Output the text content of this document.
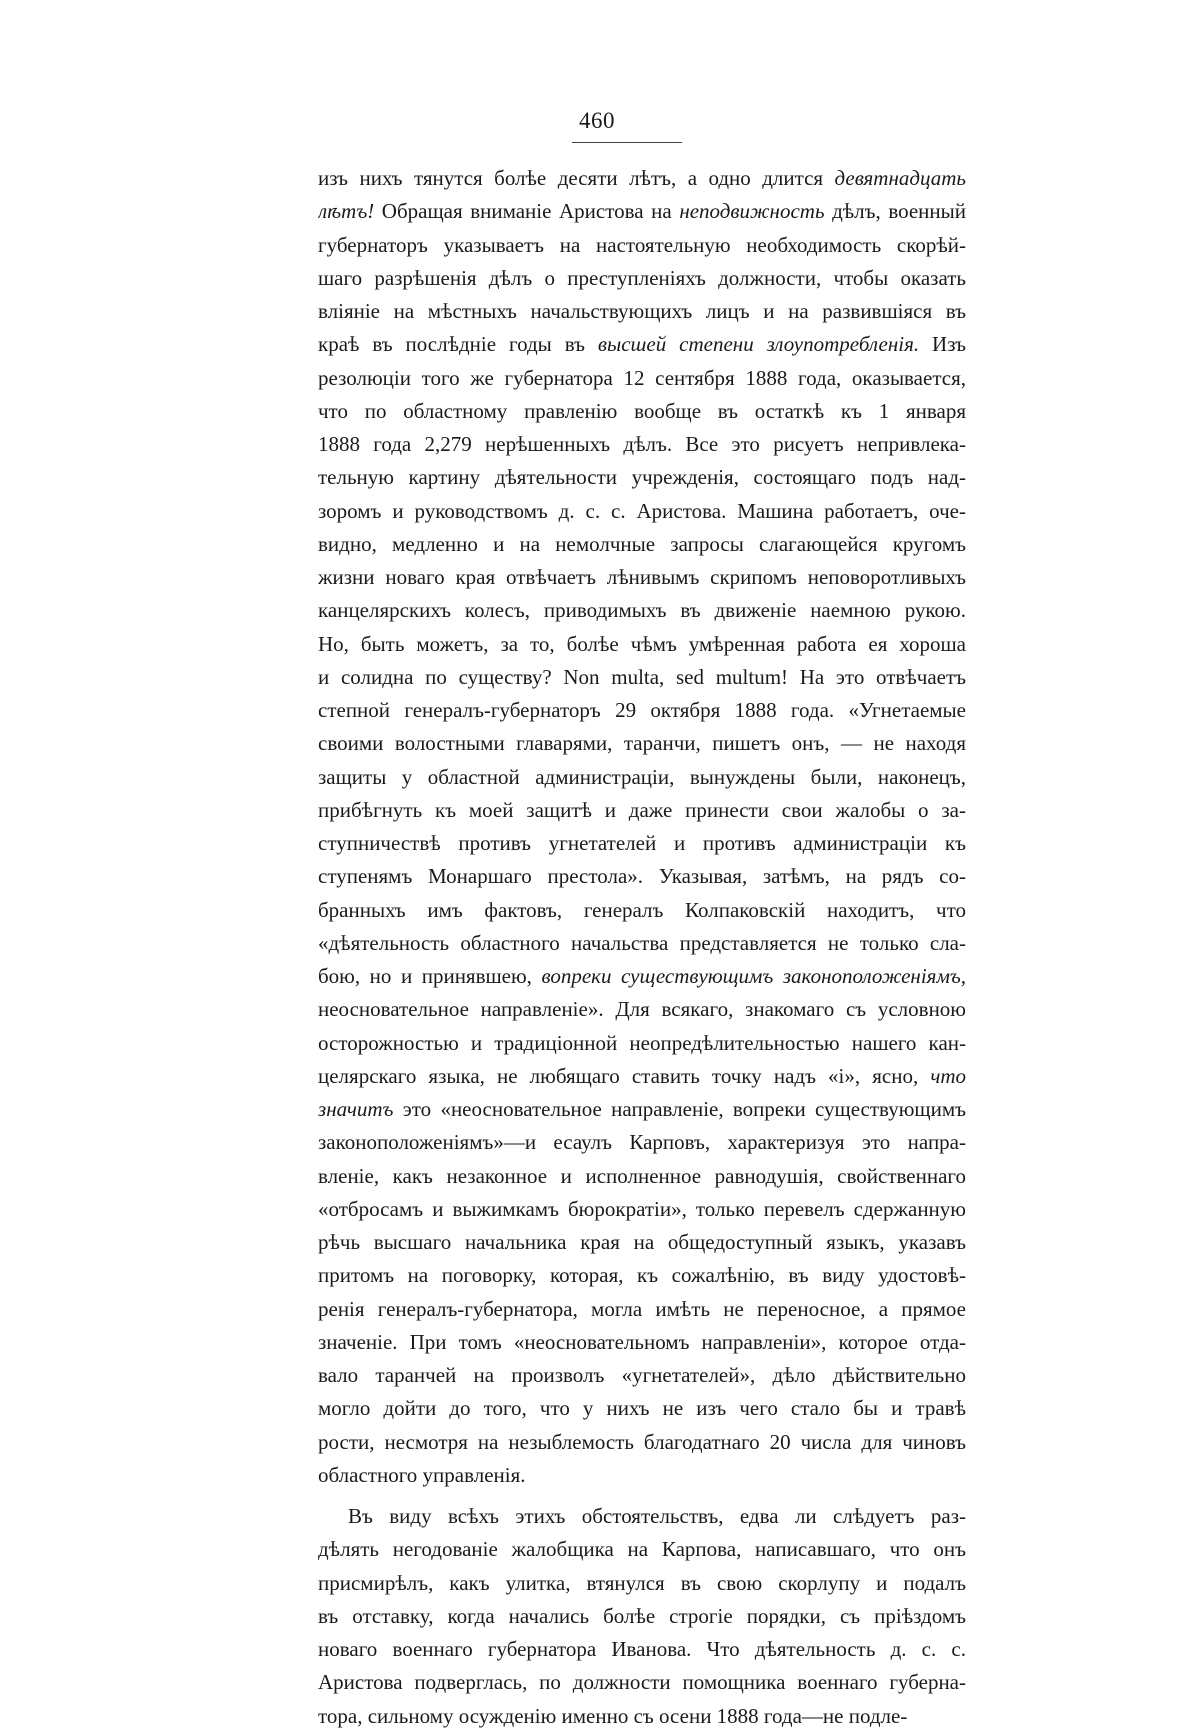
460
изъ нихъ тянутся болѣе десяти лѣтъ, а одно длится девятнадцать
лѣтъ! Обращая вниманіе Аристова на неподвижность дѣлъ, военный
губернаторъ указываетъ на настоятельную необходимость скорѣй-
шаго разрѣшенія дѣлъ о преступленіяхъ должности, чтобы оказать
вліяніе на мѣстныхъ начальствующихъ лицъ и на развившіяся въ
краѣ въ послѣдніе годы въ высшей степени злоупотребленія. Изъ
резолюціи того же губернатора 12 сентября 1888 года, оказывается,
что по областному правленію вообще въ остаткѣ къ 1 января
1888 года 2,279 нерѣшенныхъ дѣлъ. Все это рисуетъ непривлека-
тельную картину дѣятельности учрежденія, состоящаго подъ над-
зоромъ и руководствомъ д. с. с. Аристова. Машина работаетъ, оче-
видно, медленно и на немолчные запросы слагающейся кругомъ
жизни новаго края отвѣчаетъ лѣнивымъ скрипомъ неповоротливыхъ
канцелярскихъ колесъ, приводимыхъ въ движеніе наемною рукою.
Но, быть можетъ, за то, болѣе чѣмъ умѣренная работа ея хороша
и солидна по существу? Non multa, sed multum! На это отвѣчаетъ
степной генералъ-губернаторъ 29 октября 1888 года. «Угнетаемые
своими волостными главарями, таранчи, пишетъ онъ, — не находя
защиты у областной администраціи, вынуждены были, наконецъ,
прибѣгнуть къ моей защитѣ и даже принести свои жалобы о за-
ступничествѣ противъ угнетателей и противъ администраціи къ
ступенямъ Монаршаго престола». Указывая, затѣмъ, на рядъ со-
бранныхъ имъ фактовъ, генералъ Колпаковскій находитъ, что
«дѣятельность областного начальства представляется не только сла-
бою, но и принявшею, вопреки существующимъ законоположеніямъ,
неосновательное направленіе». Для всякаго, знакомаго съ условною
осторожностью и традиціонной неопредѣлительностью нашего кан-
целярскаго языка, не любящаго ставить точку надъ «і», ясно, что
значитъ это «неосновательное направленіе, вопреки существующимъ
законоположеніямъ»—и есаулъ Карповъ, характеризуя это напра-
вленіе, какъ незаконное и исполненное равнодушія, свойственнаго
«отбросамъ и выжимкамъ бюрократіи», только перевелъ сдержанную
рѣчь высшаго начальника края на общедоступный языкъ, указавъ
притомъ на поговорку, которая, къ сожалѣнію, въ виду удостовѣ-
ренія генералъ-губернатора, могла имѣть не переносное, а прямое
значеніе. При томъ «неосновательномъ направленіи», которое отда-
вало таранчей на произволъ «угнетателей», дѣло дѣйствительно
могло дойти до того, что у нихъ не изъ чего стало бы и травѣ
рости, несмотря на незыблемость благодатнаго 20 числа для чиновъ
областного управленія.
Въ виду всѣхъ этихъ обстоятельствъ, едва ли слѣдуетъ раз-
дѣлять негодованіе жалобщика на Карпова, написавшаго, что онъ
присмирѣлъ, какъ улитка, втянулся въ свою скорлупу и подалъ
въ отставку, когда начались болѣе строгіе порядки, съ пріѣздомъ
новаго военнаго губернатора Иванова. Что дѣятельность д. с. с.
Аристова подверглась, по должности помощника военнаго губерна-
тора, сильному осужденію именно съ осени 1888 года—не подле-
